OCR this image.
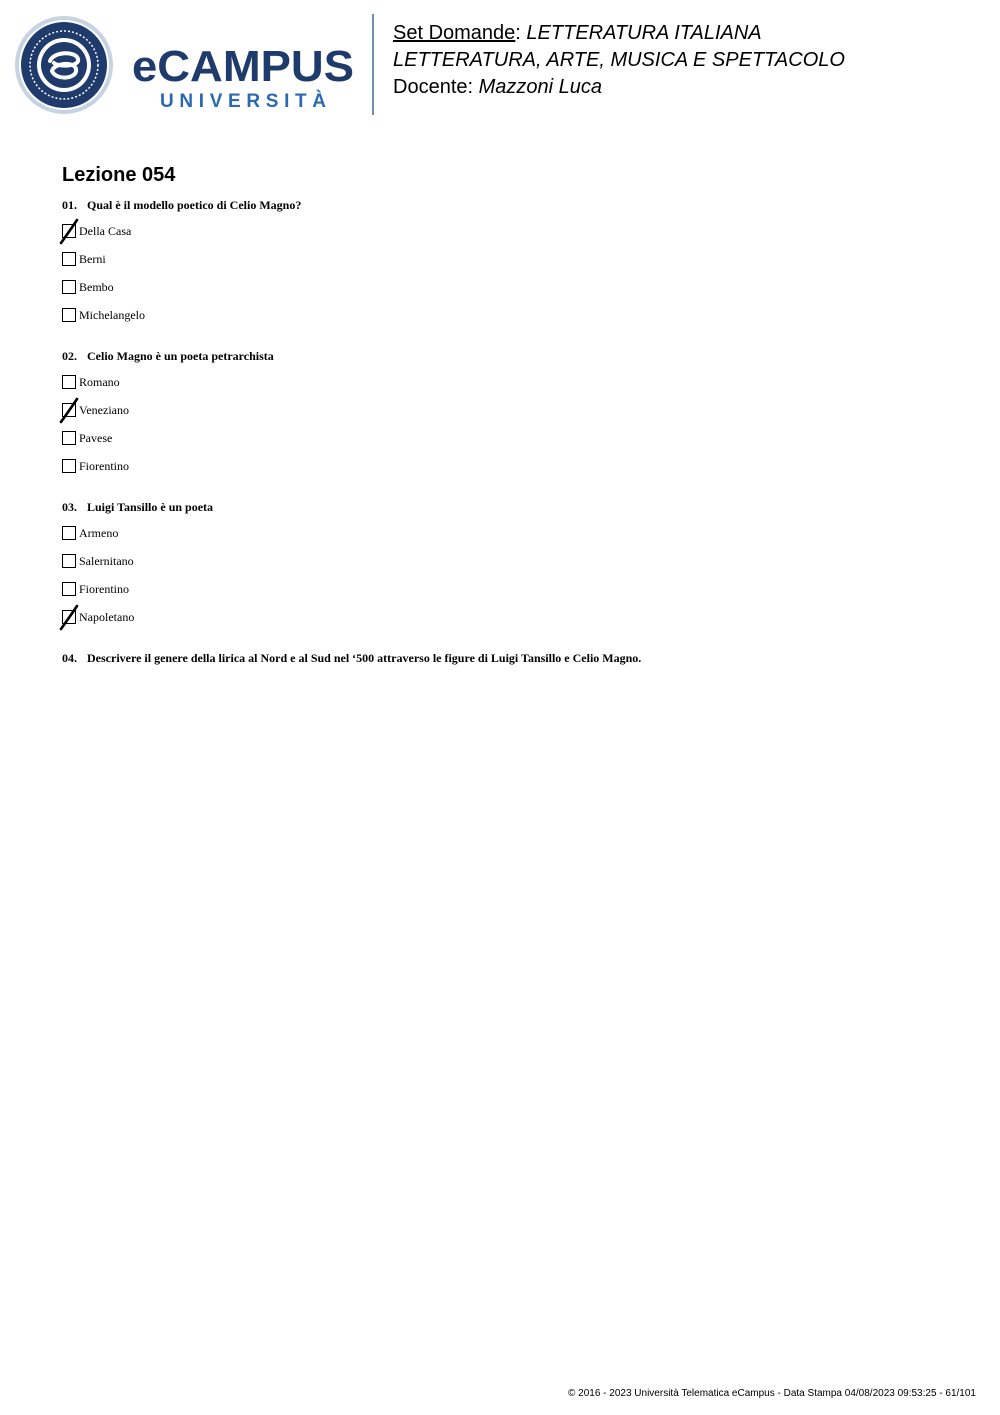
eCAMPUS
UNIVERSITÀ
Set Domande: LETTERATURA ITALIANA
LETTERATURA, ARTE, MUSICA E SPETTACOLO
Docente: Mazzoni Luca
Lezione 054
01. Qual è il modello poetico di Celio Magno?
Della Casa
Berni
Bembo
Michelangelo
02. Celio Magno è un poeta petrarchista
Romano
Veneziano
Pavese
Fiorentino
03. Luigi Tansillo è un poeta
Armeno
Salernitano
Fiorentino
Napoletano
04. Descrivere il genere della lirica al Nord e al Sud nel ‘500 attraverso le figure di Luigi Tansillo e Celio Magno.
© 2016 - 2023 Università Telematica eCampus - Data Stampa 04/08/2023 09:53:25 - 61/101
